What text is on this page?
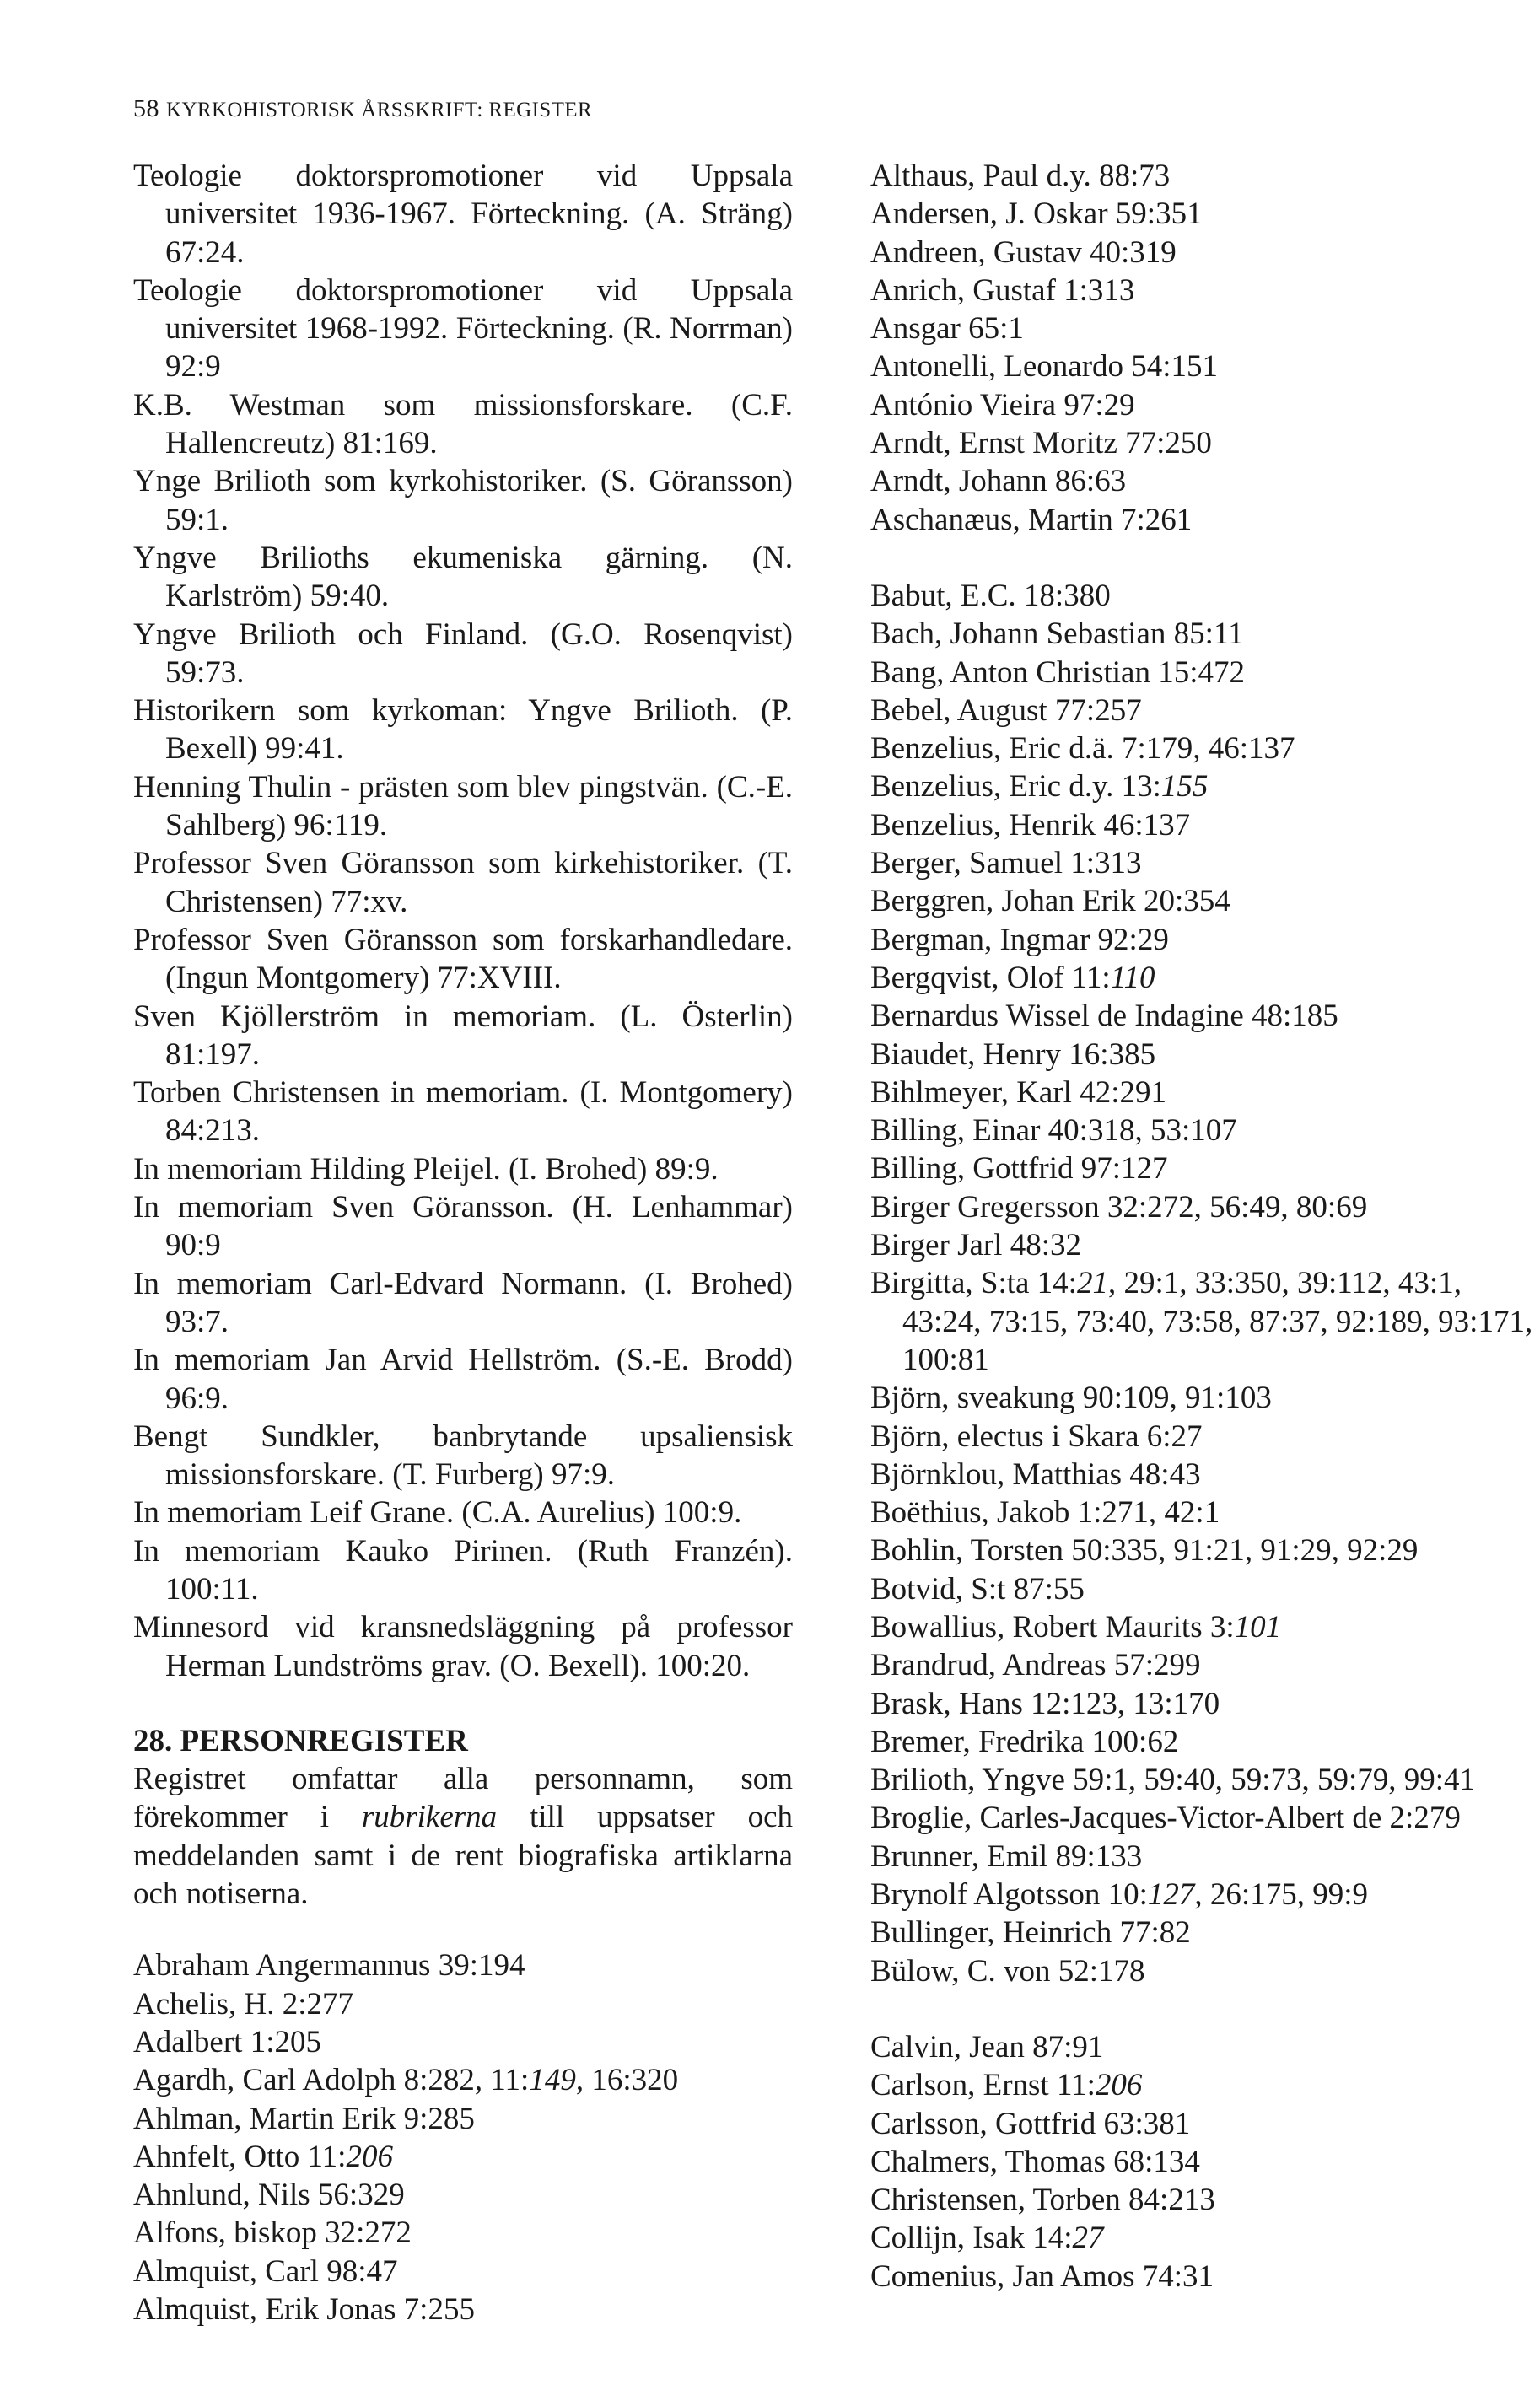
58 KYRKOHISTORISK ÅRSSKRIFT: REGISTER

Teologie doktorspromotioner vid Uppsala universitet 1936-1967. Förteckning. (A. Sträng) 67:24.

Teologie doktorspromotioner vid Uppsala universitet 1968-1992. Förteckning. (R. Norrman) 92:9

K.B. Westman som missionsforskare. (C.F. Hallencreutz) 81:169.

Ynge Brilioth som kyrkohistoriker. (S. Göransson) 59:1.

Yngve Brilioths ekumeniska gärning. (N. Karlström) 59:40.

Yngve Brilioth och Finland. (G.O. Rosenqvist) 59:73.

Historikern som kyrkoman: Yngve Brilioth. (P. Bexell) 99:41.

Henning Thulin - prästen som blev pingstvän. (C.-E. Sahlberg) 96:119.

Professor Sven Göransson som kirkehistoriker. (T. Christensen) 77:xv.

Professor Sven Göransson som forskarhandledare. (Ingun Montgomery) 77:XVIII.

Sven Kjöllerström in memoriam. (L. Österlin) 81:197.

Torben Christensen in memoriam. (I. Montgomery) 84:213.

In memoriam Hilding Pleijel. (I. Brohed) 89:9.

In memoriam Sven Göransson. (H. Lenhammar) 90:9

In memoriam Carl-Edvard Normann. (I. Brohed) 93:7.

In memoriam Jan Arvid Hellström. (S.-E. Brodd) 96:9.

Bengt Sundkler, banbrytande upsaliensisk missionsforskare. (T. Furberg) 97:9.

In memoriam Leif Grane. (C.A. Aurelius) 100:9.

In memoriam Kauko Pirinen. (Ruth Franzén). 100:11.

Minnesord vid kransnedsläggning på professor Herman Lundströms grav. (O. Bexell). 100:20.

28. PERSONREGISTER

Registret omfattar alla personnamn, som förekommer i rubrikerna till uppsatser och meddelanden samt i de rent biografiska artiklarna och notiserna.

Abraham Angermannus 39:194

Achelis, H. 2:277

Adalbert 1:205

Agardh, Carl Adolph 8:282, 11:149, 16:320

Ahlman, Martin Erik 9:285

Ahnfelt, Otto 11:206

Ahnlund, Nils 56:329

Alfons, biskop 32:272

Almquist, Carl 98:47

Almquist, Erik Jonas 7:255

Althaus, Paul d.y. 88:73

Andersen, J. Oskar 59:351

Andreen, Gustav 40:319

Anrich, Gustaf 1:313

Ansgar 65:1

Antonelli, Leonardo 54:151

António Vieira 97:29

Arndt, Ernst Moritz 77:250

Arndt, Johann 86:63

Aschanæus, Martin 7:261

Babut, E.C. 18:380

Bach, Johann Sebastian 85:11

Bang, Anton Christian 15:472

Bebel, August 77:257

Benzelius, Eric d.ä. 7:179, 46:137

Benzelius, Eric d.y. 13:155

Benzelius, Henrik 46:137

Berger, Samuel 1:313

Berggren, Johan Erik 20:354

Bergman, Ingmar 92:29

Bergqvist, Olof 11:110

Bernardus Wissel de Indagine 48:185

Biaudet, Henry 16:385

Bihlmeyer, Karl 42:291

Billing, Einar 40:318, 53:107

Billing, Gottfrid 97:127

Birger Gregersson 32:272, 56:49, 80:69

Birger Jarl 48:32

Birgitta, S:ta 14:21, 29:1, 33:350, 39:112, 43:1, 43:24, 73:15, 73:40, 73:58, 87:37, 92:189, 93:171, 100:81

Björn, sveakung 90:109, 91:103

Björn, electus i Skara 6:27

Björnklou, Matthias 48:43

Boëthius, Jakob 1:271, 42:1

Bohlin, Torsten 50:335, 91:21, 91:29, 92:29

Botvid, S:t 87:55

Bowallius, Robert Maurits 3:101

Brandrud, Andreas 57:299

Brask, Hans 12:123, 13:170

Bremer, Fredrika 100:62

Brilioth, Yngve 59:1, 59:40, 59:73, 59:79, 99:41

Broglie, Carles-Jacques-Victor-Albert de 2:279

Brunner, Emil 89:133

Brynolf Algotsson 10:127, 26:175, 99:9

Bullinger, Heinrich 77:82

Bülow, C. von 52:178

Calvin, Jean 87:91

Carlson, Ernst 11:206

Carlsson, Gottfrid 63:381

Chalmers, Thomas 68:134

Christensen, Torben 84:213

Collijn, Isak 14:27

Comenius, Jan Amos 74:31
